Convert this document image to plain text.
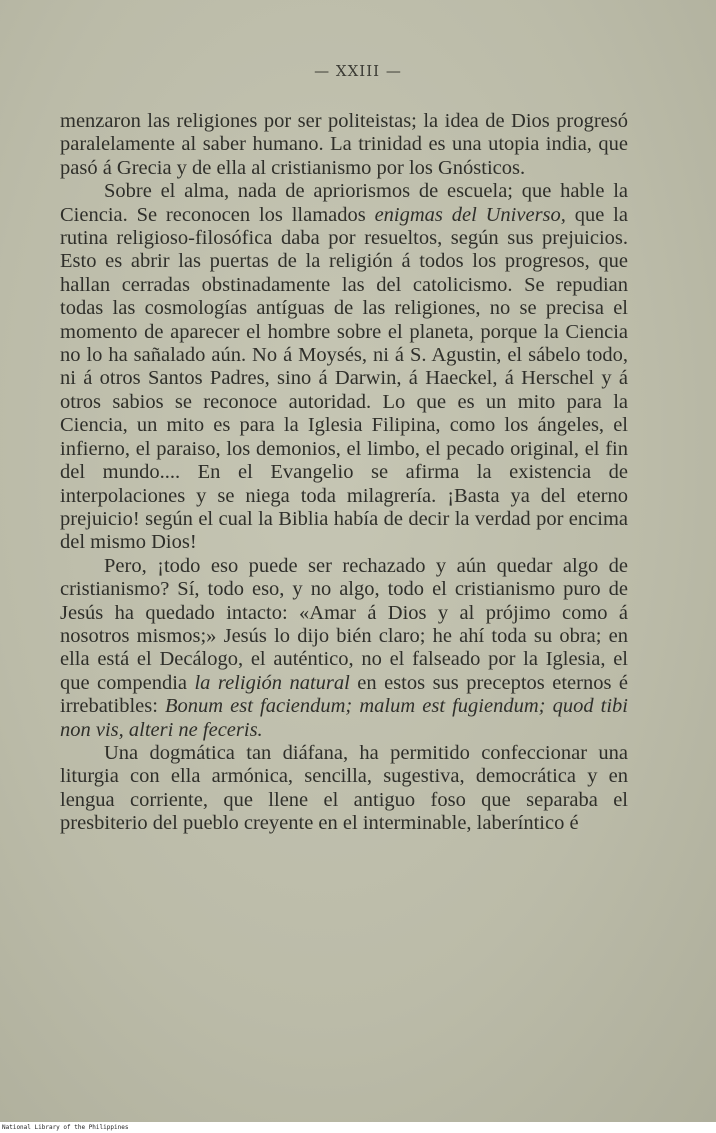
— XXIII —

menzaron las religiones por ser politeistas; la idea de Dios progresó paralelamente al saber humano. La trinidad es una utopia india, que pasó á Grecia y de ella al cristianismo por los Gnósticos.

Sobre el alma, nada de apriorismos de escuela; que hable la Ciencia. Se reconocen los llamados enigmas del Universo, que la rutina religioso-filosófica daba por resueltos, según sus prejuicios. Esto es abrir las puertas de la religión á todos los progresos, que hallan cerradas obstinadamente las del catolicismo. Se repudian todas las cosmologías antíguas de las religiones, no se precisa el momento de aparecer el hombre sobre el planeta, porque la Ciencia no lo ha sañalado aún. No á Moysés, ni á S. Agustin, el sábelo todo, ni á otros Santos Padres, sino á Darwin, á Haeckel, á Herschel y á otros sabios se reconoce autoridad. Lo que es un mito para la Ciencia, un mito es para la Iglesia Filipina, como los ángeles, el infierno, el paraiso, los demonios, el limbo, el pecado original, el fin del mundo.... En el Evangelio se afirma la existencia de interpolaciones y se niega toda milagrería. ¡Basta ya del eterno prejuicio! según el cual la Biblia había de decir la verdad por encima del mismo Dios!

Pero, ¡todo eso puede ser rechazado y aún quedar algo de cristianismo? Sí, todo eso, y no algo, todo el cristianismo puro de Jesús ha quedado intacto: «Amar á Dios y al prójimo como á nosotros mismos;» Jesús lo dijo bién claro; he ahí toda su obra; en ella está el Decálogo, el auténtico, no el falseado por la Iglesia, el que compendia la religión natural en estos sus preceptos eternos é irrebatibles: Bonum est faciendum; malum est fugiendum; quod tibi non vis, alteri ne feceris.

Una dogmática tan diáfana, ha permitido confeccionar una liturgia con ella armónica, sencilla, sugestiva, democrática y en lengua corriente, que llene el antiguo foso que separaba el presbiterio del pueblo creyente en el interminable, laberíntico é

National Library of the Philippines
